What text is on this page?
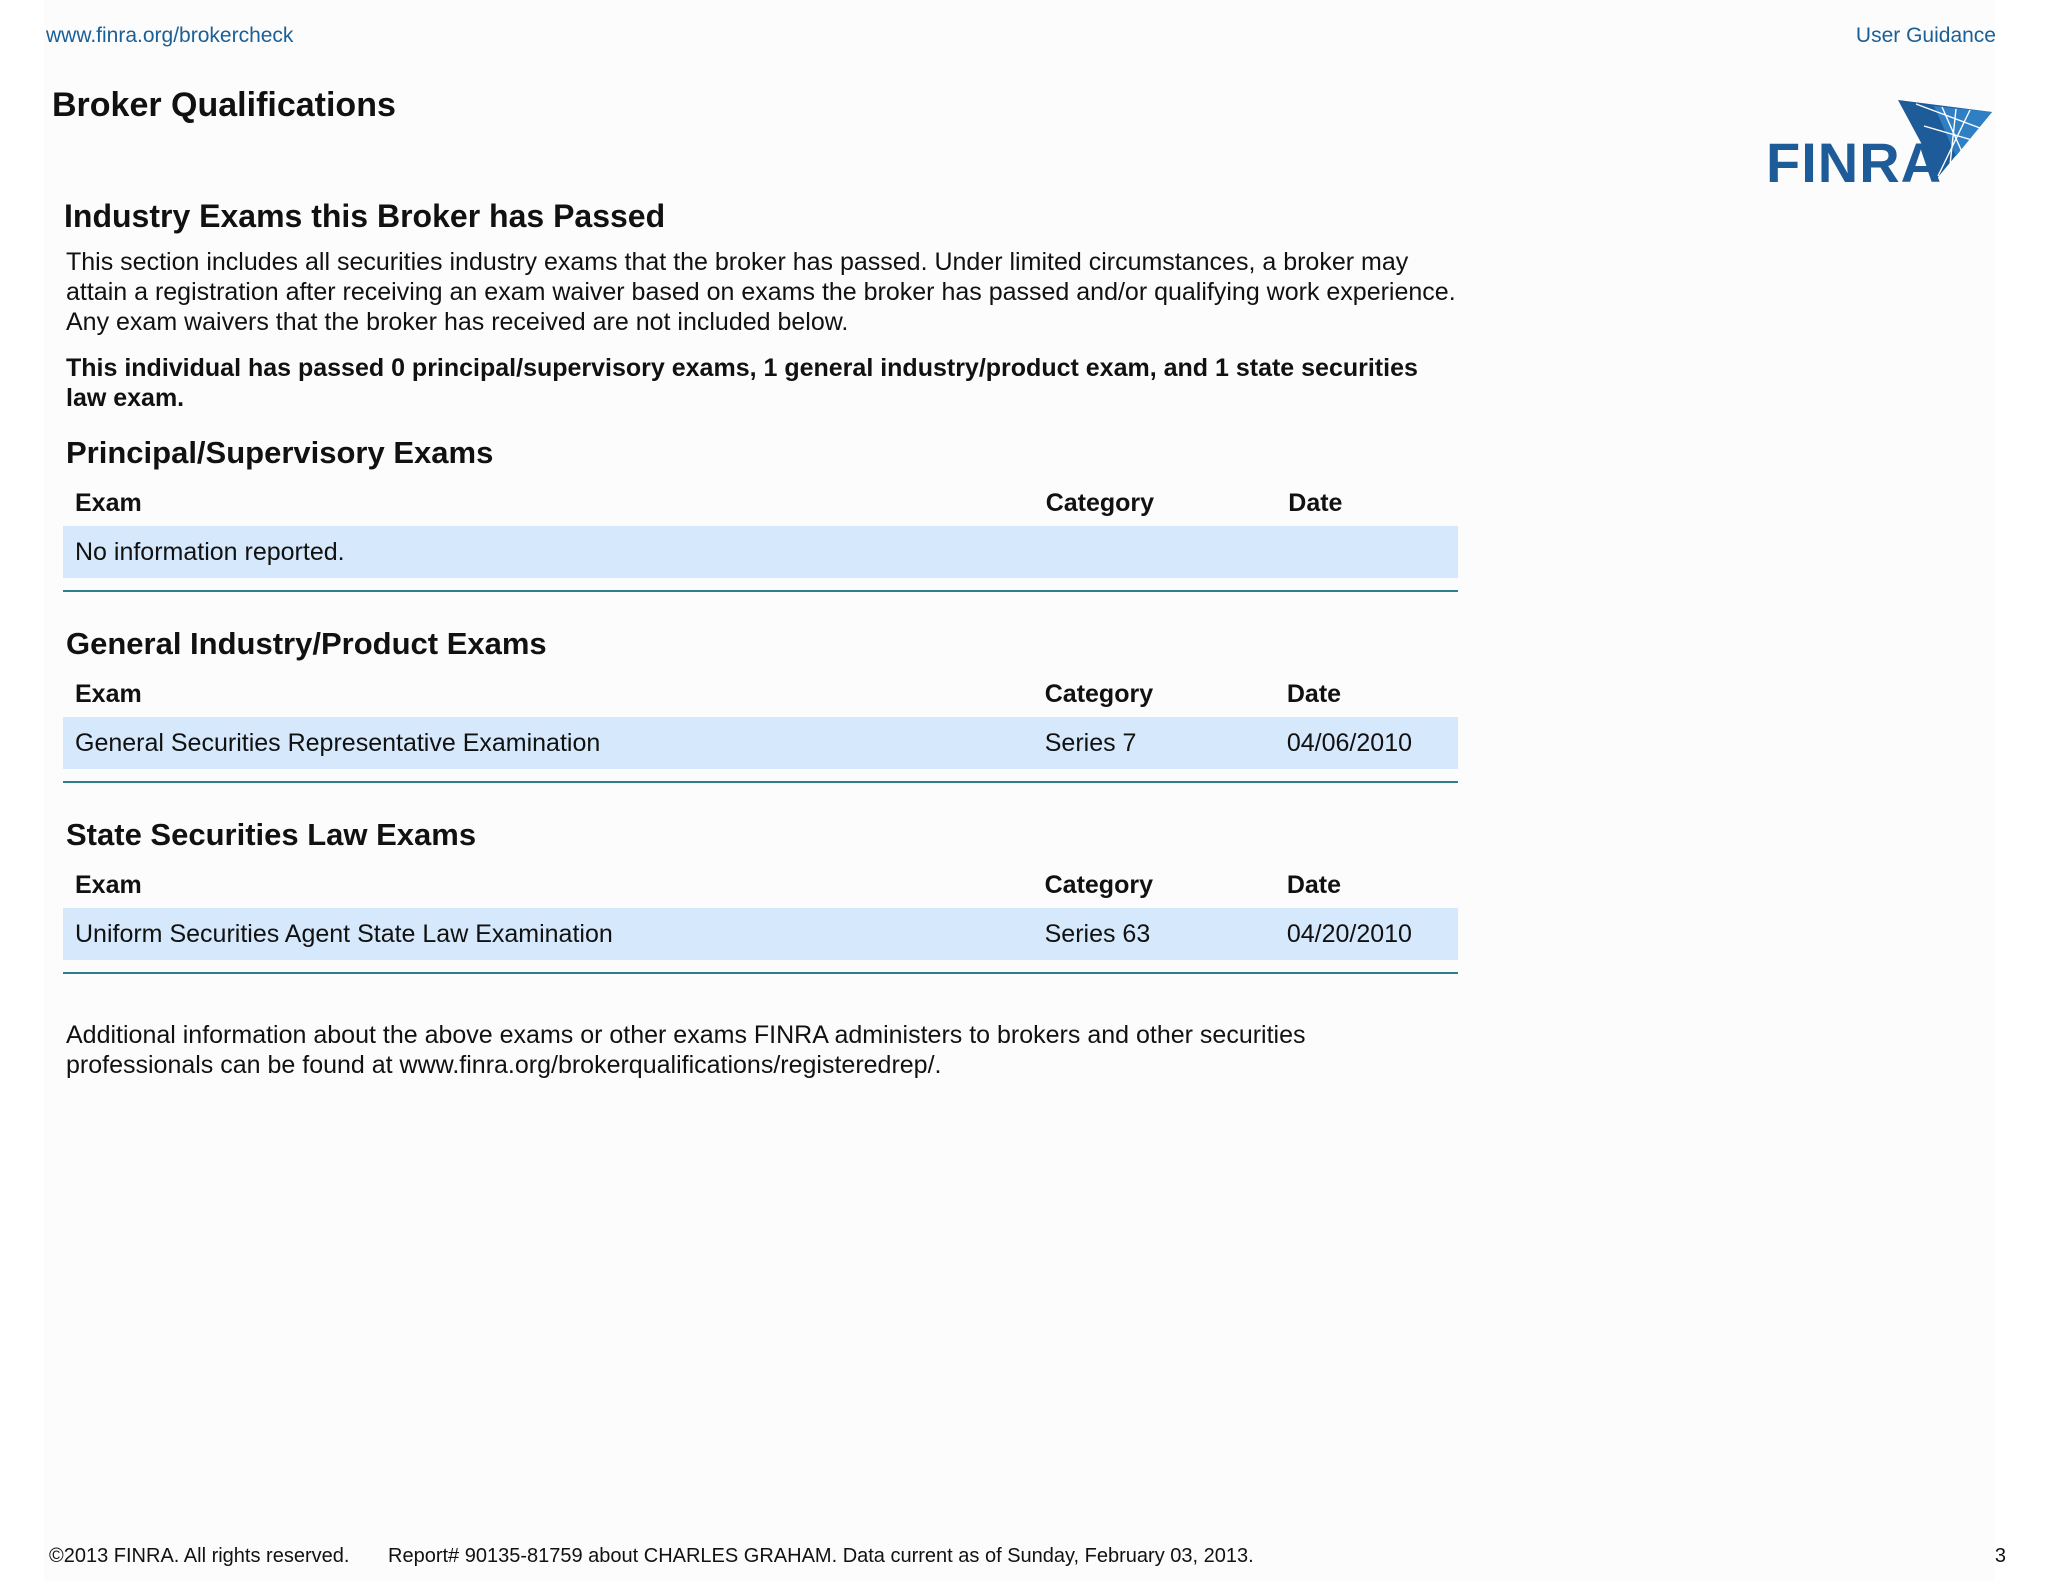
www.finra.org/brokercheck	User Guidance
Broker Qualifications
FINRA
Industry Exams this Broker has Passed

This section includes all securities industry exams that the broker has passed. Under limited circumstances, a broker may attain a registration after receiving an exam waiver based on exams the broker has passed and/or qualifying work experience. Any exam waivers that the broker has received are not included below.

This individual has passed 0 principal/supervisory exams, 1 general industry/product exam, and 1 state securities law exam.

Principal/Supervisory Exams
Exam	Category	Date
No information reported.
General Industry/Product Exams
Exam	Category	Date
General Securities Representative Examination	Series 7	04/06/2010
State Securities Law Exams
Exam	Category	Date
Uniform Securities Agent State Law Examination	Series 63	04/20/2010

Additional information about the above exams or other exams FINRA administers to brokers and other securities professionals can be found at www.finra.org/brokerqualifications/registeredrep/.

©2013 FINRA. All rights reserved. Report# 90135-81759 about CHARLES GRAHAM. Data current as of Sunday, February 03, 2013.	3
